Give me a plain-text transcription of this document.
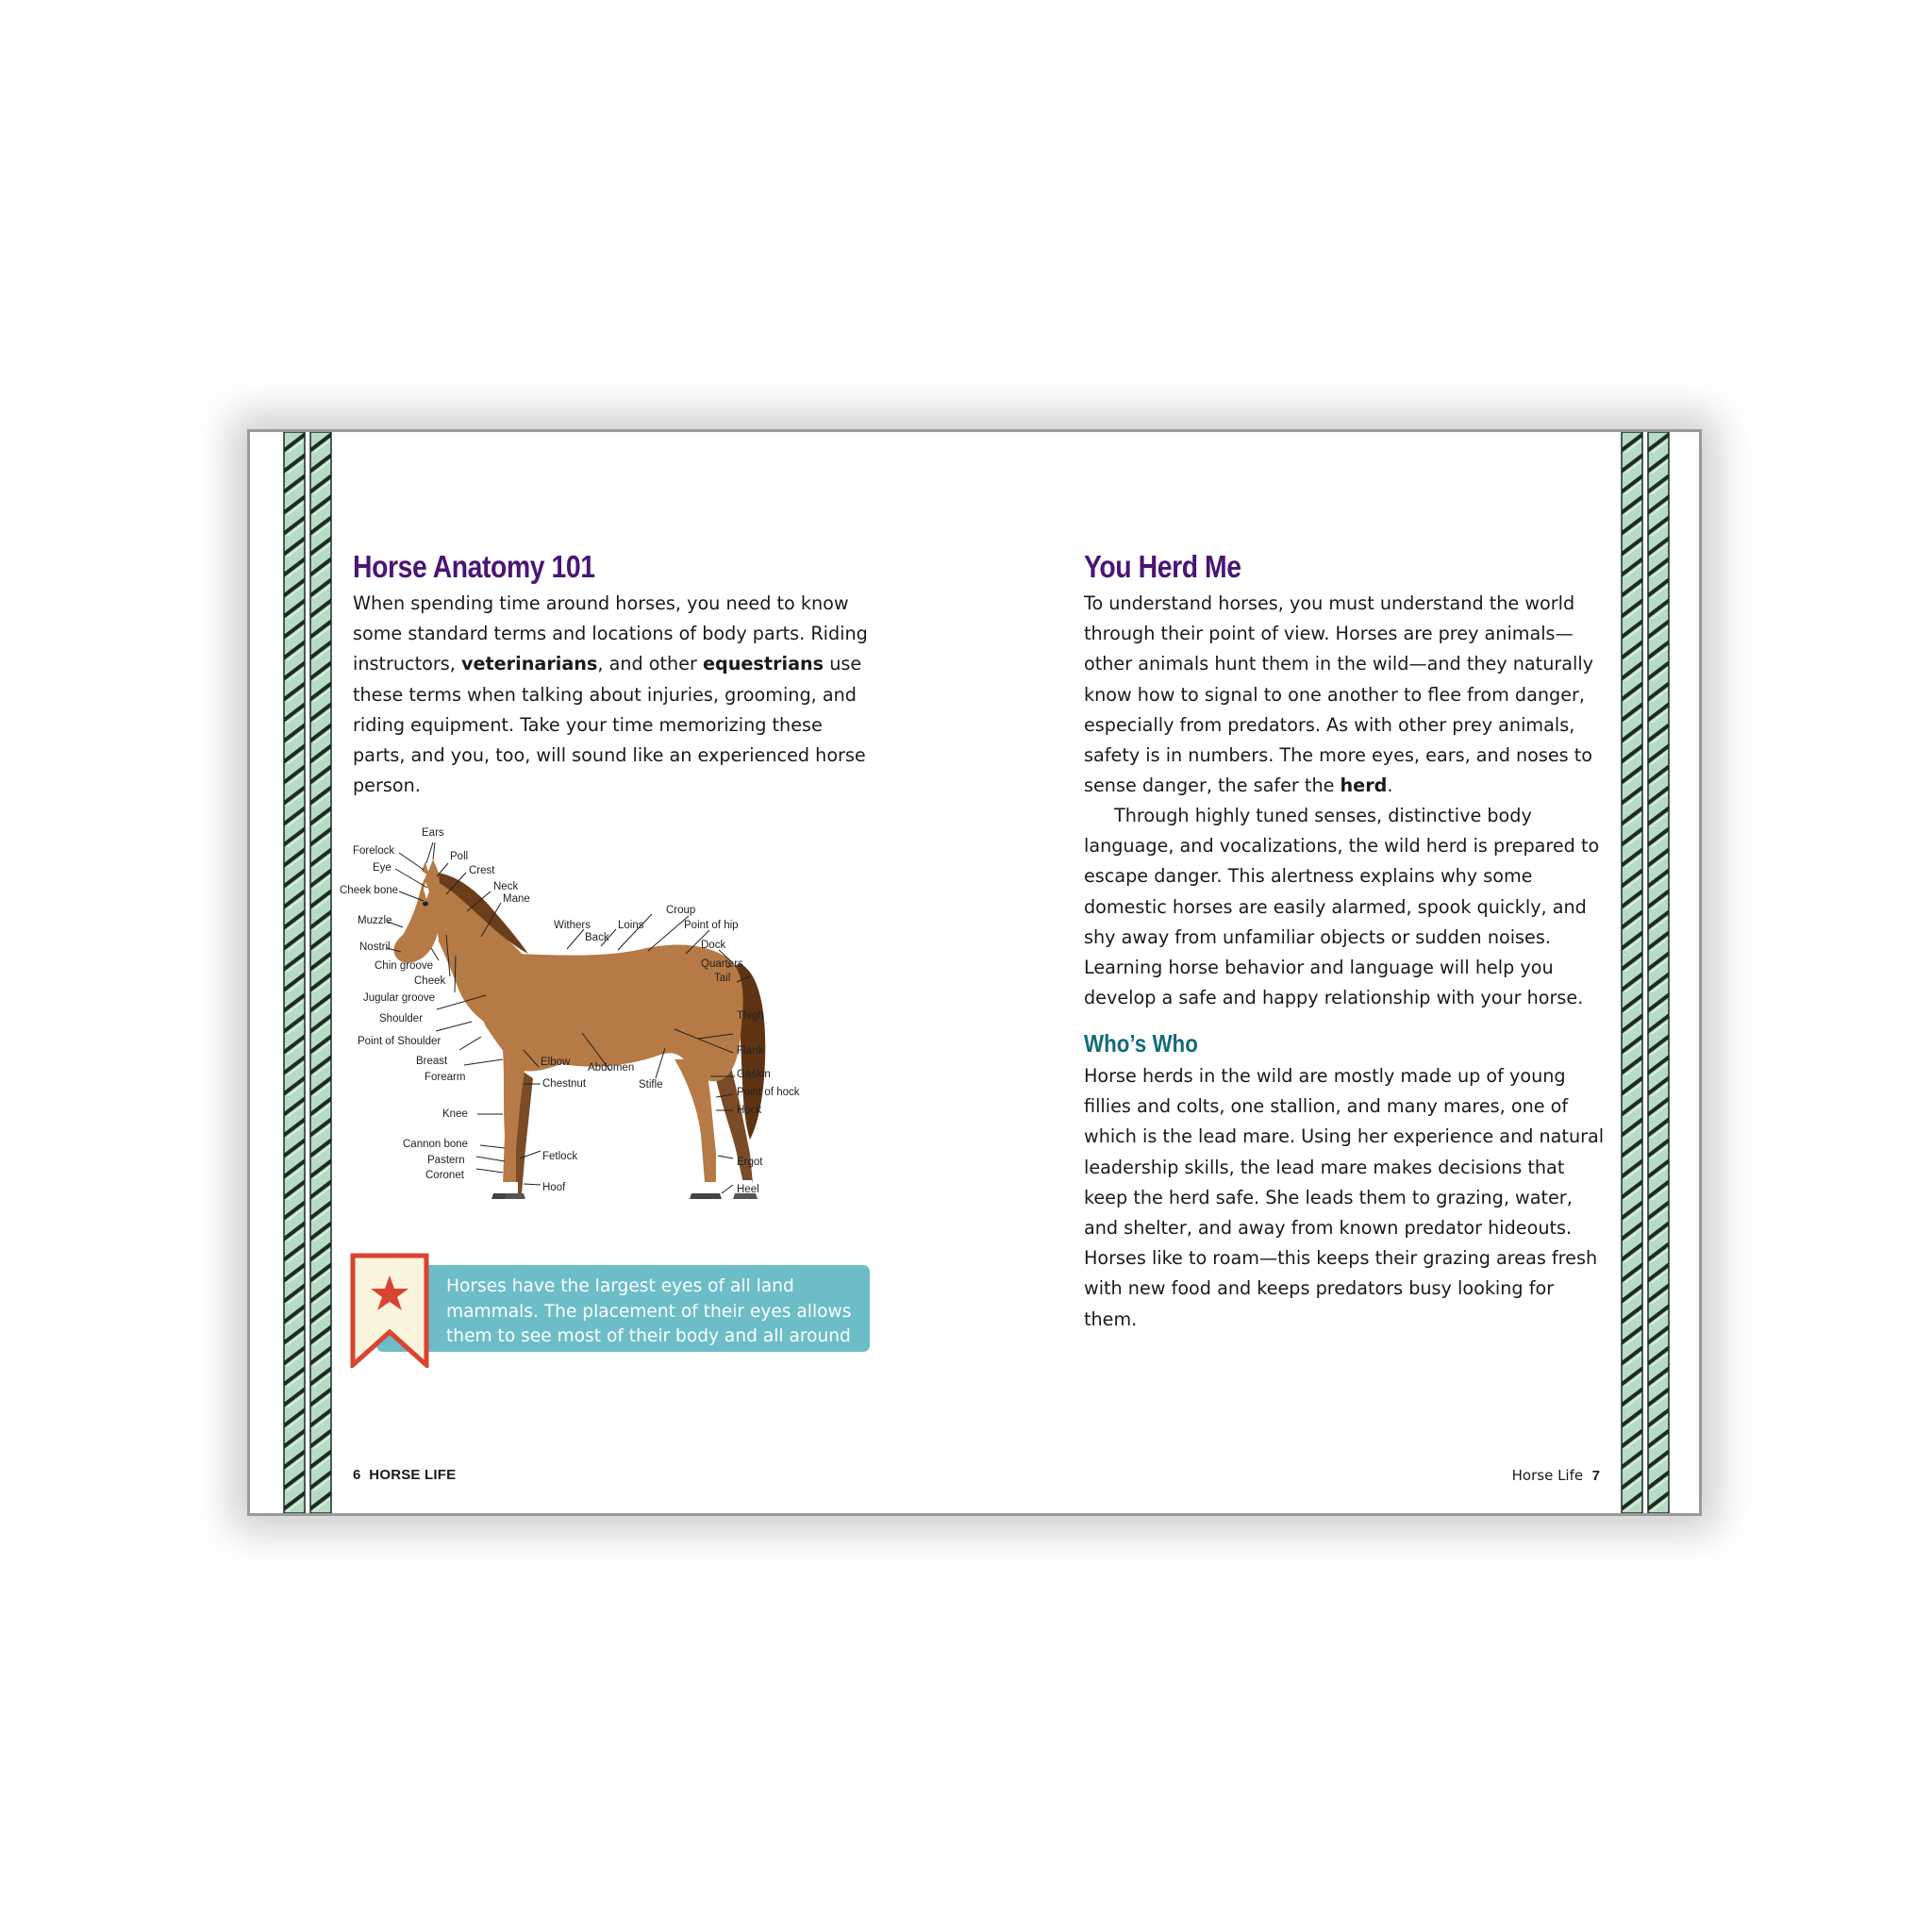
Horse Anatomy 101

When spending time around horses, you need to know some standard terms and locations of body parts. Riding instructors, veterinarians, and other equestrians use these terms when talking about injuries, grooming, and riding equipment. Take your time memorizing these parts, and you, too, will sound like an experienced horse person.

Ears
Forelock	Poll
Eye	Crest
Cheek bone	Neck
Mane
Muzzle	Withers	Loins
Croup
Point of hip
Back
Nostril	Dock
Chin groove	Quarters
Cheek	Tail
Jugular groove
Thigh
Shoulder
Flank
Point of Shoulder
Breast	Elbow Abdomen
Gaskin
Forearm
Chestnut	Stifle
Point of hock
Hock
Knee
Cannon bone
Pastern	Fetlock	Ergot
Coronet
Hoof	Heel

Horses have the largest eyes of all land mammals. The placement of their eyes allows them to see most of their body and all around them.

6 HORSE LIFE
You Herd Me

To understand horses, you must understand the world through their point of view. Horses are prey animals—other animals hunt them in the wild—and they naturally know how to signal to one another to flee from danger, especially from predators. As with other prey animals, safety is in numbers. The more eyes, ears, and noses to sense danger, the safer the herd.

Through highly tuned senses, distinctive body language, and vocalizations, the wild herd is prepared to escape danger. This alertness explains why some domestic horses are easily alarmed, spook quickly, and shy away from unfamiliar objects or sudden noises. Learning horse behavior and language will help you develop a safe and happy relationship with your horse.

Who’s Who

Horse herds in the wild are mostly made up of young fillies and colts, one stallion, and many mares, one of which is the lead mare. Using her experience and natural leadership skills, the lead mare makes decisions that keep the herd safe. She leads them to grazing, water, and shelter, and away from known predator hideouts. Horses like to roam—this keeps their grazing areas fresh with new food and keeps predators busy looking for them.

Horse Life 7
